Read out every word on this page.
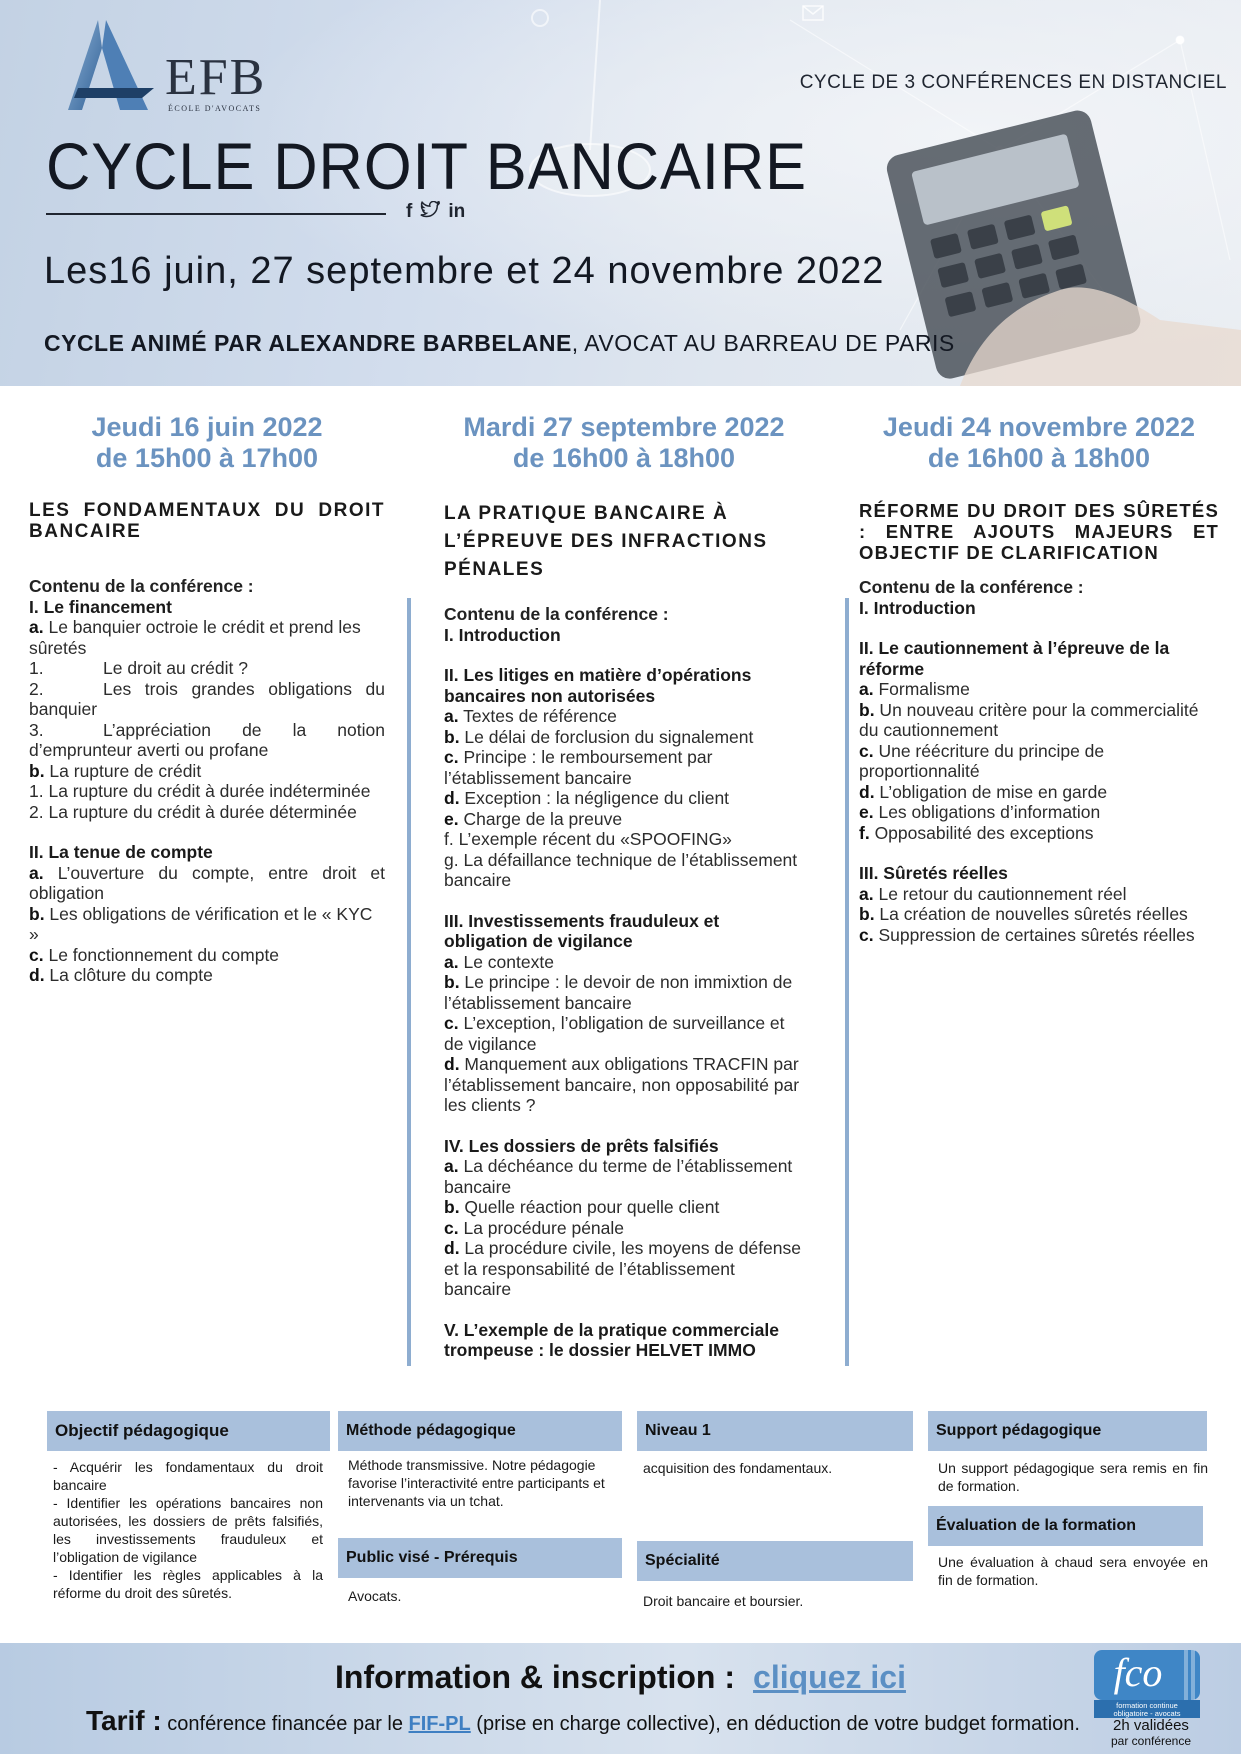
EFB
ÉCOLE D'AVOCATS
CYCLE DE 3 CONFÉRENCES EN DISTANCIEL
CYCLE DROIT BANCAIRE
f in
Les16 juin, 27 septembre et 24 novembre 2022
CYCLE ANIMÉ PAR ALEXANDRE BARBELANE, AVOCAT AU BARREAU DE PARIS
Jeudi 16 juin 2022
de 15h00 à 17h00
LES FONDAMENTAUX DU DROIT BANCAIRE
Contenu de la conférence :
I. Le financement
a. Le banquier octroie le crédit et prend les sûretés
1.	Le droit au crédit ?
2.	Les trois grandes obligations du banquier
3.	L’appréciation de la notion d’emprunteur averti ou profane
b. La rupture de crédit
1. La rupture du crédit à durée indéterminée
2. La rupture du crédit à durée déterminée
II. La tenue de compte
a. L’ouverture du compte, entre droit et obligation
b. Les obligations de vérification et le « KYC »
c. Le fonctionnement du compte
d. La clôture du compte
Mardi 27 septembre 2022
de 16h00 à 18h00
LA PRATIQUE BANCAIRE À L’ÉPREUVE DES INFRACTIONS PÉNALES
Contenu de la conférence :
I. Introduction
II. Les litiges en matière d’opérations bancaires non autorisées
a. Textes de référence
b. Le délai de forclusion du signalement
c. Principe : le remboursement par l’établissement bancaire
d. Exception : la négligence du client
e. Charge de la preuve
f. L’exemple récent du «SPOOFING»
g. La défaillance technique de l’établissement bancaire
III. Investissements frauduleux et obligation de vigilance
a. Le contexte
b. Le principe : le devoir de non immixtion de l’établissement bancaire
c. L’exception, l’obligation de surveillance et de vigilance
d. Manquement aux obligations TRACFIN par l’établissement bancaire, non opposabilité par les clients ?
IV. Les dossiers de prêts falsifiés
a. La déchéance du terme de l’établissement bancaire
b. Quelle réaction pour quelle client
c. La procédure pénale
d. La procédure civile, les moyens de défense et la responsabilité de l’établissement bancaire
V. L’exemple de la pratique commerciale trompeuse : le dossier HELVET IMMO
Jeudi 24 novembre 2022
de 16h00 à 18h00
RÉFORME DU DROIT DES SÛRETÉS : ENTRE AJOUTS MAJEURS ET OBJECTIF DE CLARIFICATION
Contenu de la conférence :
I. Introduction
II. Le cautionnement à l’épreuve de la réforme
a. Formalisme
b. Un nouveau critère pour la commercialité du cautionnement
c. Une réécriture du principe de proportionnalité
d. L’obligation de mise en garde
e. Les obligations d’information
f. Opposabilité des exceptions
III. Sûretés réelles
a. Le retour du cautionnement réel
b. La création de nouvelles sûretés réelles
c. Suppression de certaines sûretés réelles
Objectif pédagogique
- Acquérir les fondamentaux du droit bancaire
- Identifier les opérations bancaires non autorisées, les dossiers de prêts falsifiés, les investissements frauduleux et l’obligation de vigilance
- Identifier les règles applicables à la réforme du droit des sûretés.
Méthode pédagogique
Méthode transmissive. Notre pédagogie favorise l’interactivité entre participants et intervenants via un tchat.
Public visé - Prérequis
Avocats.
Niveau 1
acquisition des fondamentaux.
Spécialité
Droit bancaire et boursier.
Support pédagogique
Un support pédagogique sera remis en fin de formation.
Évaluation de la formation
Une évaluation à chaud sera envoyée en fin de formation.
Information & inscription : cliquez ici
Tarif : conférence financée par le FIF-PL (prise en charge collective), en déduction de votre budget formation.
fco
formation continue
obligatoire - avocats
2h validées
par conférence
